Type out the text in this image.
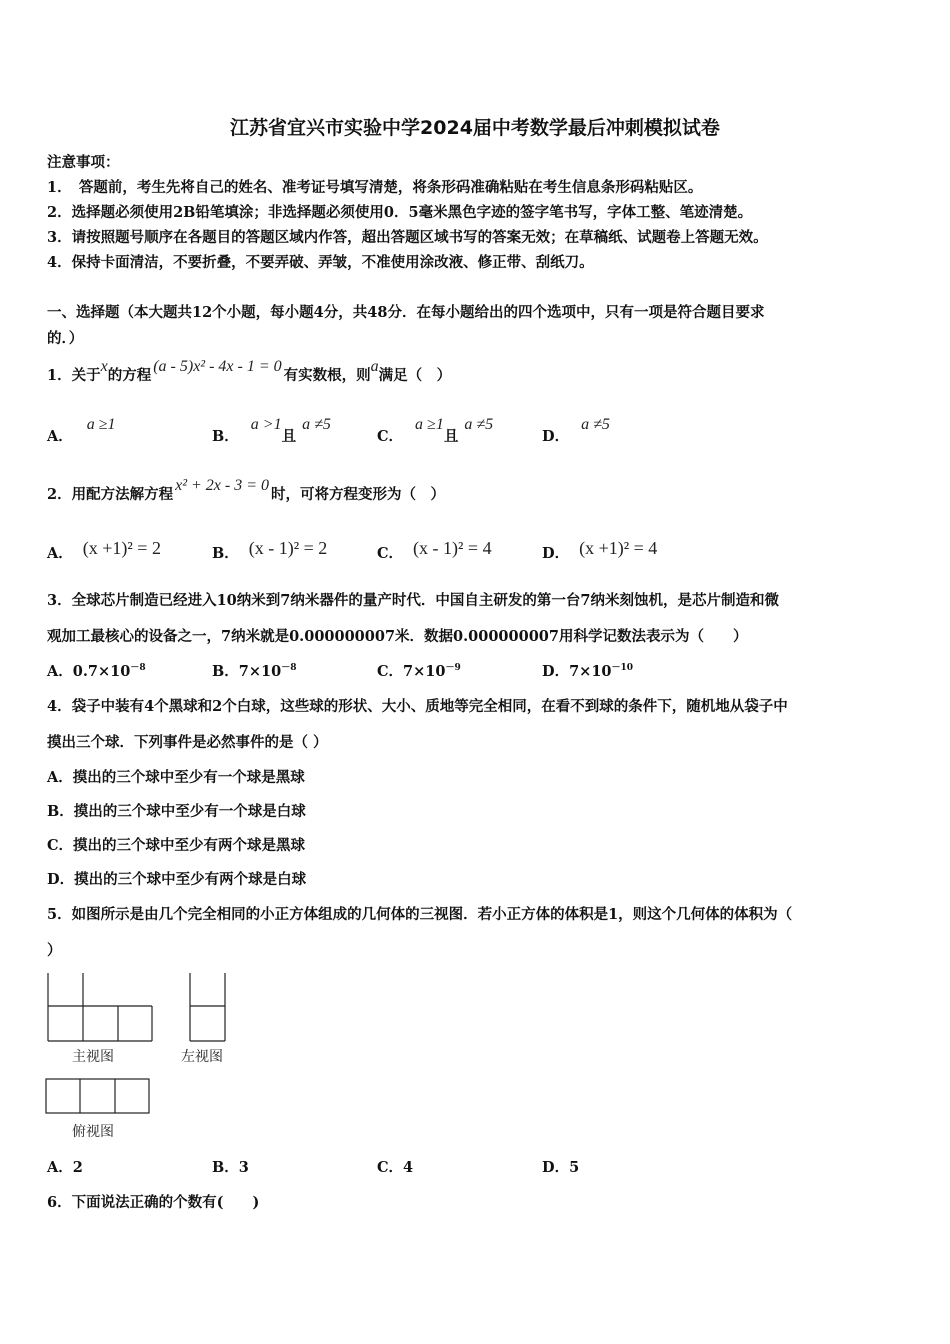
江苏省宜兴市实验中学2024届中考数学最后冲刺模拟试卷
注意事项：
1．　答题前，考生先将自己的姓名、准考证号填写清楚，将条形码准确粘贴在考生信息条形码粘贴区。
2．选择题必须使用2B铅笔填涂；非选择题必须使用0．5毫米黑色字迹的签字笔书写，字体工整、笔迹清楚。
3．请按照题号顺序在各题目的答题区域内作答，超出答题区域书写的答案无效；在草稿纸、试题卷上答题无效。
4．保持卡面清洁，不要折叠，不要弄破、弄皱，不准使用涂改液、修正带、刮纸刀。
一、选择题（本大题共12个小题，每小题4分，共48分．在每小题给出的四个选项中，只有一项是符合题目要求
的．）
1．关于x的方程(a - 5)x² - 4x - 1 = 0有实数根，则a满足（　）
A．a ≥1
B．a >1且a ≠5
C．a ≥1且a ≠5
D．a ≠5
2．用配方法解方程x² + 2x - 3 = 0时，可将方程变形为（　）
A． (x +1)² = 2	B． (x - 1)² = 2	C． (x - 1)² = 4	D． (x +1)² = 4
3．全球芯片制造已经进入10纳米到7纳米器件的量产时代．中国自主研发的第一台7纳米刻蚀机，是芯片制造和微
观加工最核心的设备之一，7纳米就是0.000000007米．数据0.000000007用科学记数法表示为（　　）
A．$0.7\times 10^{-8}$	B．$7\times 10^{-8}$	C．$7\times 10^{-9}$	D．$7\times 10^{-10}$
4．袋子中装有4个黑球和2个白球，这些球的形状、大小、质地等完全相同，在看不到球的条件下，随机地从袋子中
摸出三个球．下列事件是必然事件的是（ ）
A．摸出的三个球中至少有一个球是黑球
B．摸出的三个球中至少有一个球是白球
C．摸出的三个球中至少有两个球是黑球
D．摸出的三个球中至少有两个球是白球
5．如图所示是由几个完全相同的小正方体组成的几何体的三视图．若小正方体的体积是1，则这个几何体的体积为（
）
主视图	左视图
俯视图
A．2	B．3	C．4	D．5
6．下面说法正确的个数有(　　)
